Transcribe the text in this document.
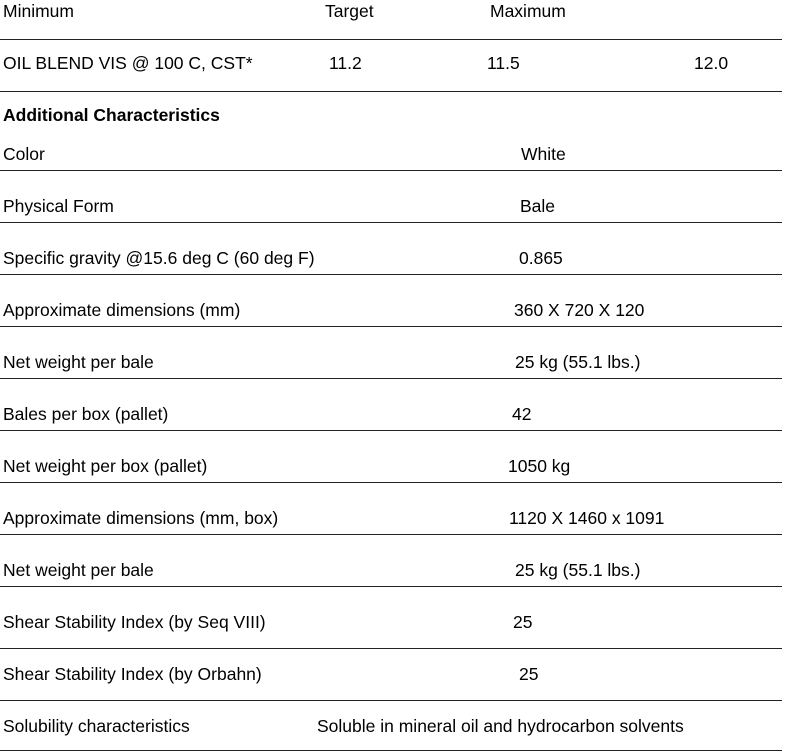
Minimum	Target	Maximum
OIL BLEND VIS @ 100 C, CST*	11.2	11.5	12.0
Additional Characteristics
Color	White
Physical Form	Bale
Specific gravity @15.6 deg C (60 deg F)	0.865
Approximate dimensions (mm)	360 X 720 X 120
Net weight per bale	25 kg (55.1 lbs.)
Bales per box (pallet)	42
Net weight per box (pallet)	1050 kg
Approximate dimensions (mm, box)	1120 X 1460 x 1091
Net weight per bale	25 kg (55.1 lbs.)
Shear Stability Index (by Seq VIII)	25
Shear Stability Index (by Orbahn)	25
Solubility characteristics	Soluble in mineral oil and hydrocarbon solvents
